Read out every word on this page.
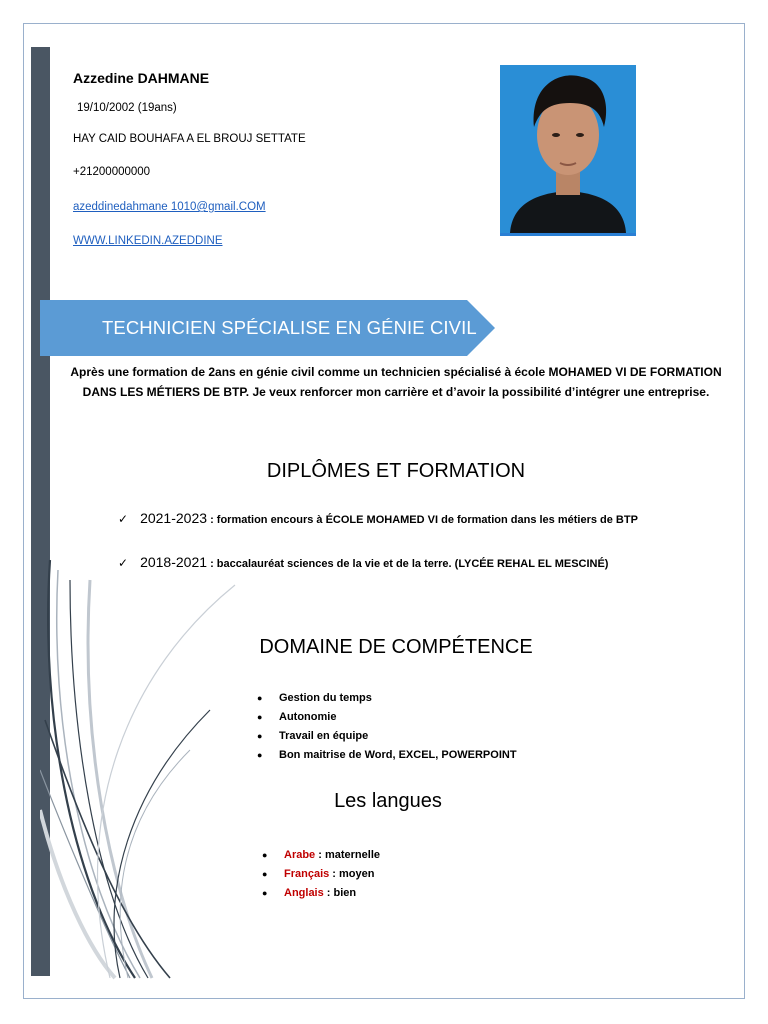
Azzedine DAHMANE
19/10/2002 (19ans)
HAY CAID BOUHAFA A EL BROUJ SETTATE
+21200000000
azeddinedahmane 1010@gmail.COM
WWW.LINKEDIN.AZEDDINE
TECHNICIEN SPÉCIALISE EN GÉNIE CIVIL
Après une formation de 2ans en génie civil comme un technicien spécialisé à école MOHAMED VI DE FORMATION DANS LES MÉTIERS DE BTP. Je veux renforcer mon carrière et d’avoir la possibilité d’intégrer une entreprise.
DIPLÔMES ET FORMATION
✓ 2021-2023 : formation encours à ÉCOLE MOHAMED VI de formation dans les métiers de BTP
✓ 2018-2021 : baccalauréat sciences de la vie et de la terre. (LYCÉE REHAL EL MESCINÉ)
DOMAINE DE COMPÉTENCE
● Gestion du temps
● Autonomie
● Travail en équipe
● Bon maitrise de Word, EXCEL, POWERPOINT
Les langues
● Arabe : maternelle
● Français : moyen
● Anglais : bien
